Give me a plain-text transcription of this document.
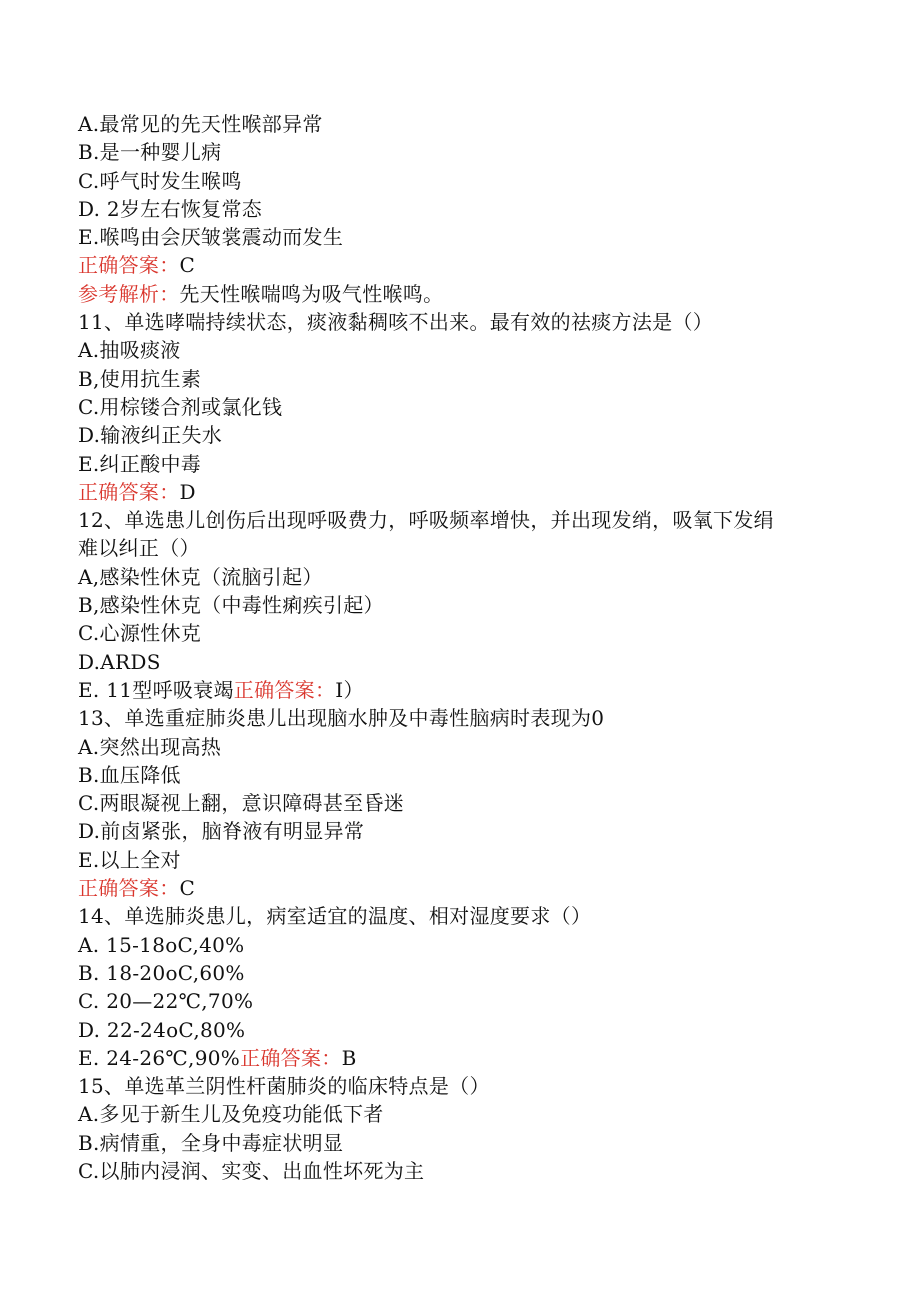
A.最常见的先天性喉部异常
B.是一种婴儿病
C.呼气时发生喉鸣
D. 2岁左右恢复常态
E.喉鸣由会厌皱裳震动而发生
正确答案：C
参考解析：先天性喉喘鸣为吸气性喉鸣。
11、单选哮喘持续状态，痰液黏稠咳不出来。最有效的祛痰方法是（）
A.抽吸痰液
B,使用抗生素
C.用棕镂合剂或氯化钱
D.输液纠正失水
E.纠正酸中毒
正确答案：D
12、单选患儿创伤后出现呼吸费力，呼吸频率增快，并出现发绡，吸氧下发绢
难以纠正（）
A,感染性休克（流脑引起）
B,感染性休克（中毒性痢疾引起）
C.心源性休克
D.ARDS
E. 11型呼吸衰竭正确答案：I）
13、单选重症肺炎患儿出现脑水肿及中毒性脑病时表现为0
A.突然出现高热
B.血压降低
C.两眼凝视上翻，意识障碍甚至昏迷
D.前卤紧张，脑脊液有明显异常
E.以上全对
正确答案：C
14、单选肺炎患儿，病室适宜的温度、相对湿度要求（）
A. 15-18oC,40%
B. 18-20oC,60%
C. 20—22℃,70%
D. 22-24oC,80%
E. 24-26℃,90%正确答案：B
15、单选革兰阴性杆菌肺炎的临床特点是（）
A.多见于新生儿及免疫功能低下者
B.病情重，全身中毒症状明显
C.以肺内浸润、实变、出血性坏死为主
